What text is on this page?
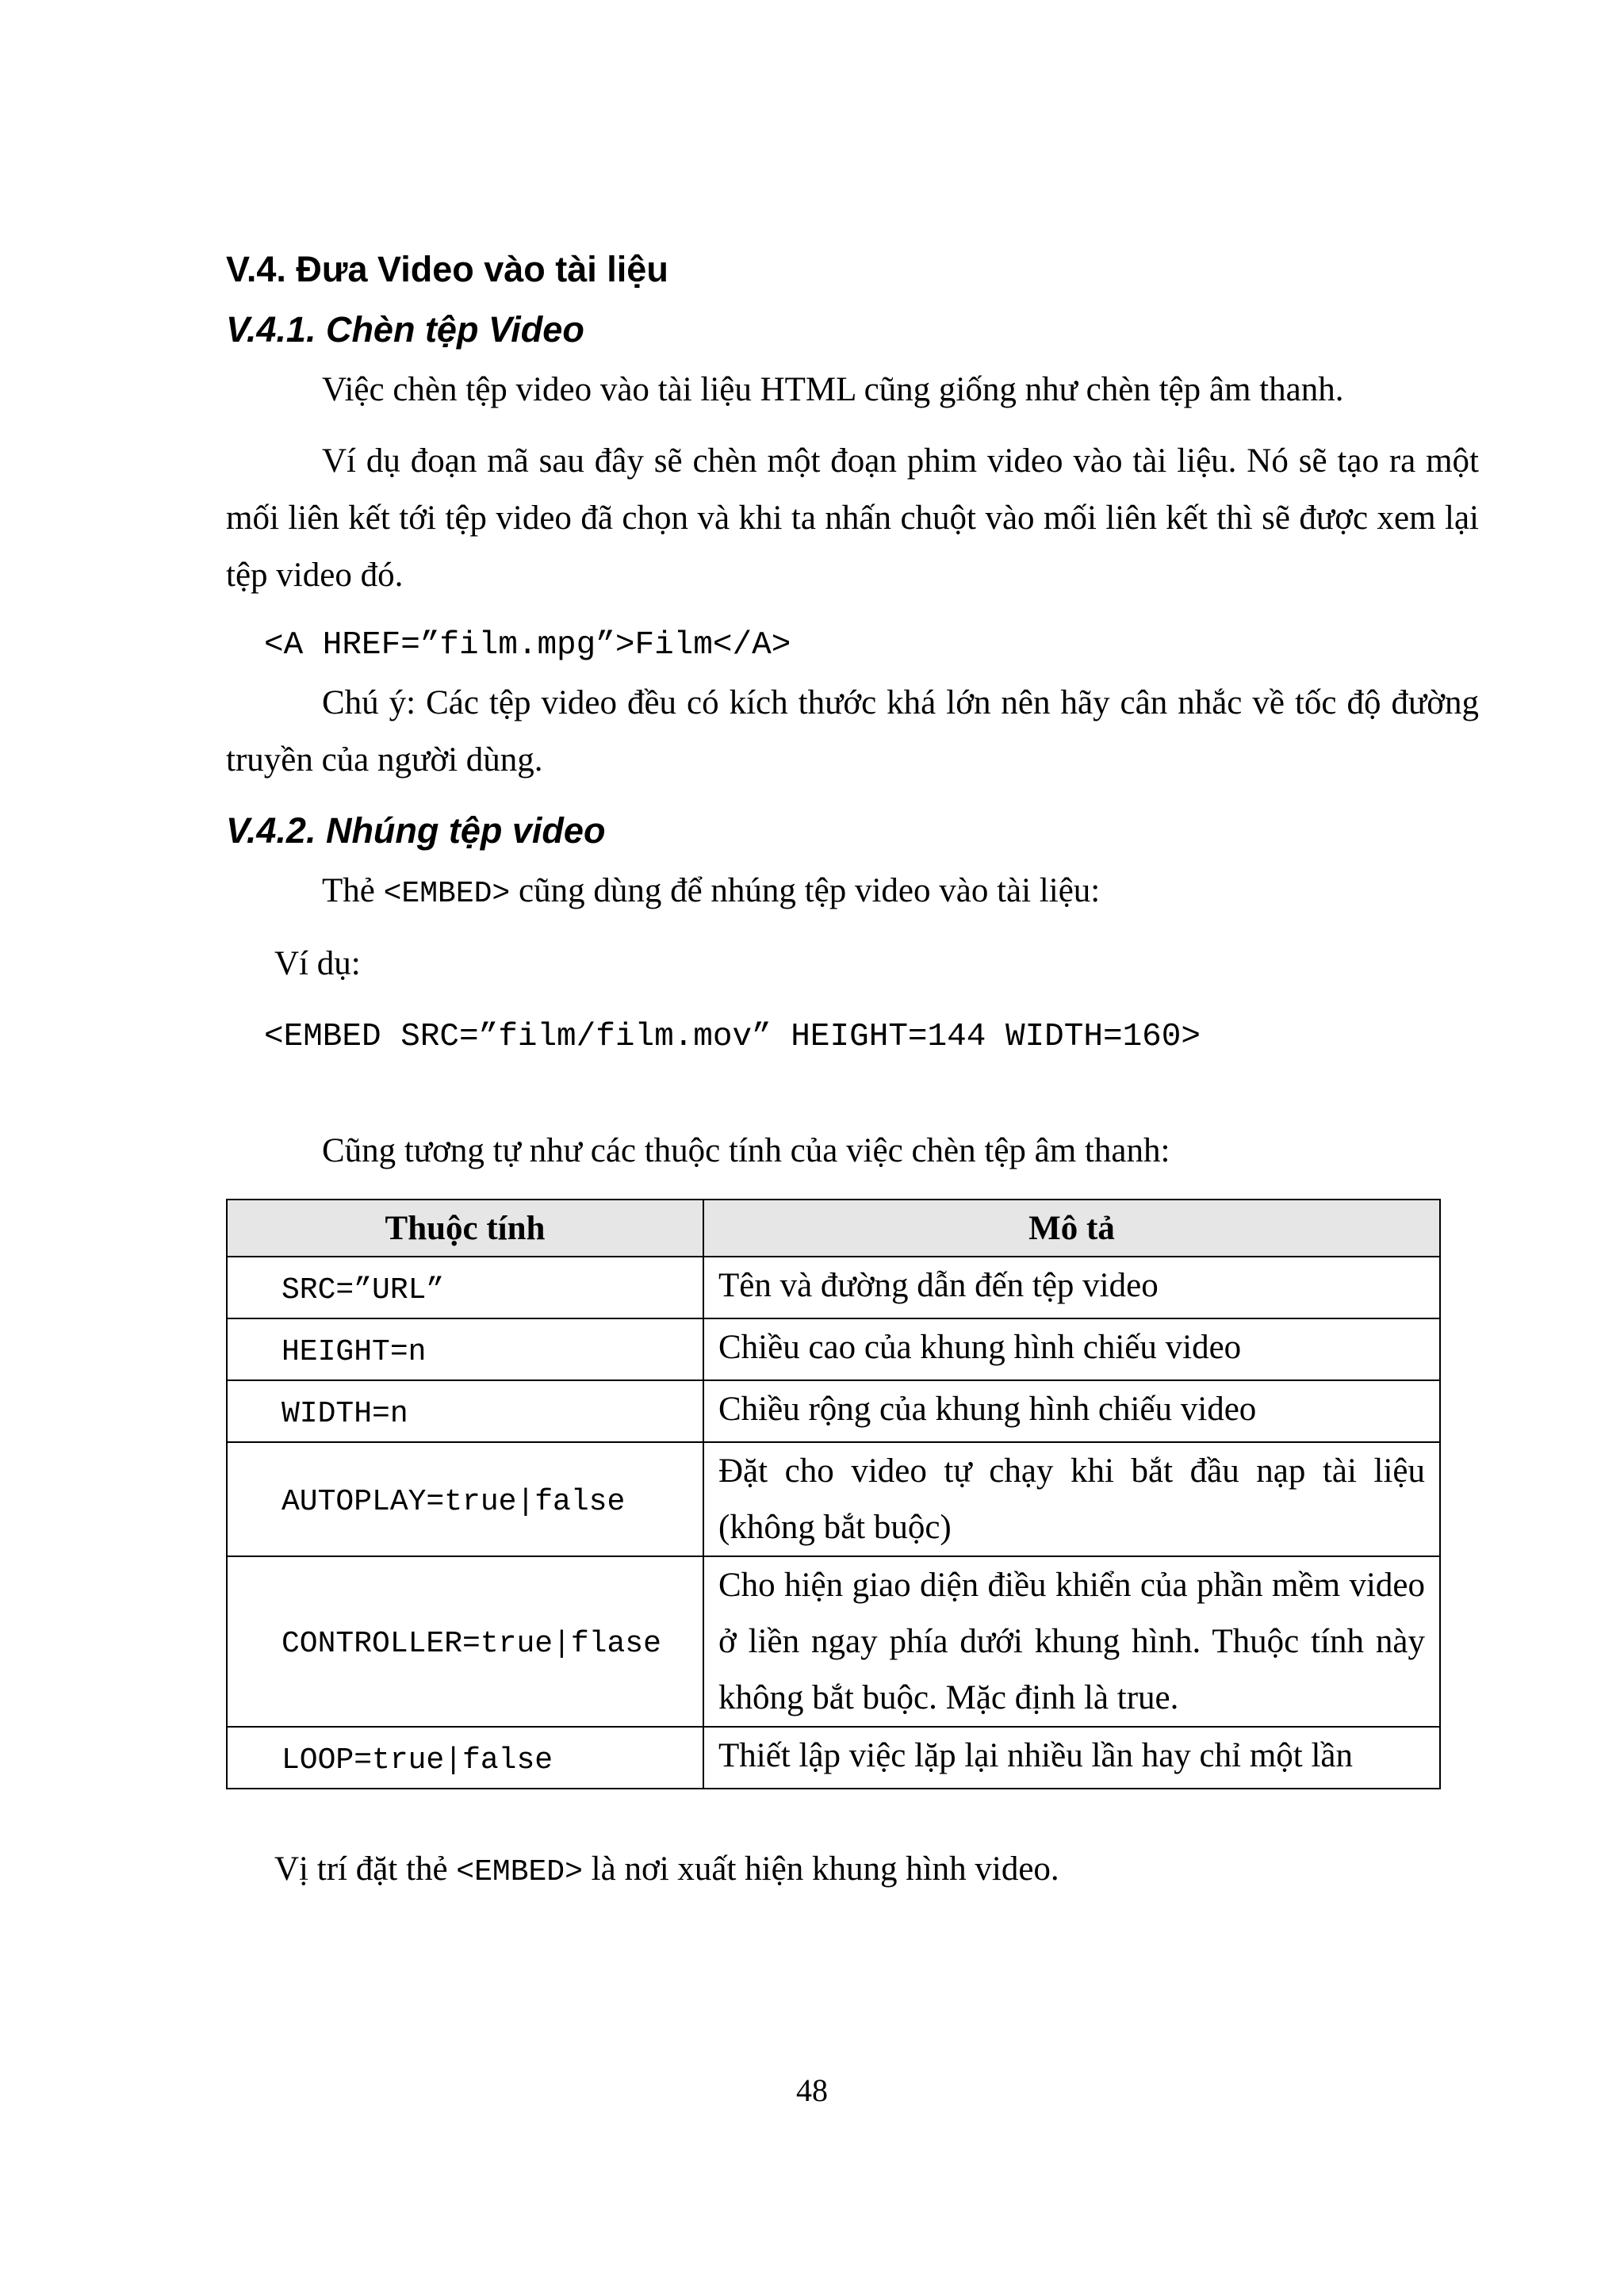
V.4. Đưa Video vào tài liệu
V.4.1. Chèn tệp Video
Việc chèn tệp video vào tài liệu HTML cũng giống như chèn tệp âm thanh.

Ví dụ đoạn mã sau đây sẽ chèn một đoạn phim video vào tài liệu. Nó sẽ tạo ra một mối liên kết tới tệp video đã chọn và khi ta nhấn chuột vào mối liên kết thì sẽ được xem lại tệp video đó.

<A HREF=”film.mpg”>Film</A>

Chú ý: Các tệp video đều có kích thước khá lớn nên hãy cân nhắc về tốc độ đường truyền của người dùng.

V.4.2. Nhúng tệp video
Thẻ <EMBED> cũng dùng để nhúng tệp video vào tài liệu:
Ví dụ:
<EMBED SRC=”film/film.mov” HEIGHT=144 WIDTH=160>
Cũng tương tự như các thuộc tính của việc chèn tệp âm thanh:
Thuộc tính	Mô tả
SRC=”URL”	Tên và đường dẫn đến tệp video
HEIGHT=n	Chiều cao của khung hình chiếu video
WIDTH=n	Chiều rộng của khung hình chiếu video
AUTOPLAY=true|false	Đặt cho video tự chạy khi bắt đầu nạp tài liệu (không bắt buộc)
CONTROLLER=true|flase	Cho hiện giao diện điều khiển của phần mềm video ở liền ngay phía dưới khung hình. Thuộc tính này không bắt buộc. Mặc định là true.
LOOP=true|false	Thiết lập việc lặp lại nhiều lần hay chỉ một lần
Vị trí đặt thẻ <EMBED> là nơi xuất hiện khung hình video.
48
